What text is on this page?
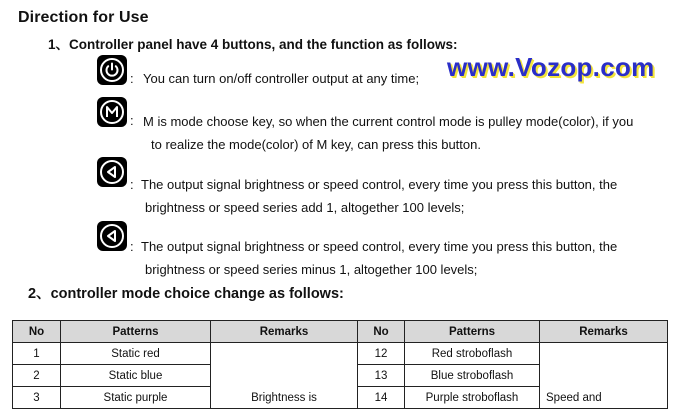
Direction for Use
1、Controller panel have 4 buttons, and the function as follows:
www.Vozop.com
: You can turn on/off controller output at any time;
: M is mode choose key, so when the current control mode is pulley mode(color), if you
to realize the mode(color) of M key, can press this button.
: The output signal brightness or speed control, every time you press this button, the
brightness or speed series add 1, altogether 100 levels;
: The output signal brightness or speed control, every time you press this button, the
brightness or speed series minus 1, altogether 100 levels;
2、controller mode choice change as follows:
No	Patterns	Remarks	No	Patterns	Remarks
1	Static red	Brightness is	12	Red stroboflash	Speed and
2	Static blue		13	Blue stroboflash	
3	Static purple		14	Purple stroboflash	
